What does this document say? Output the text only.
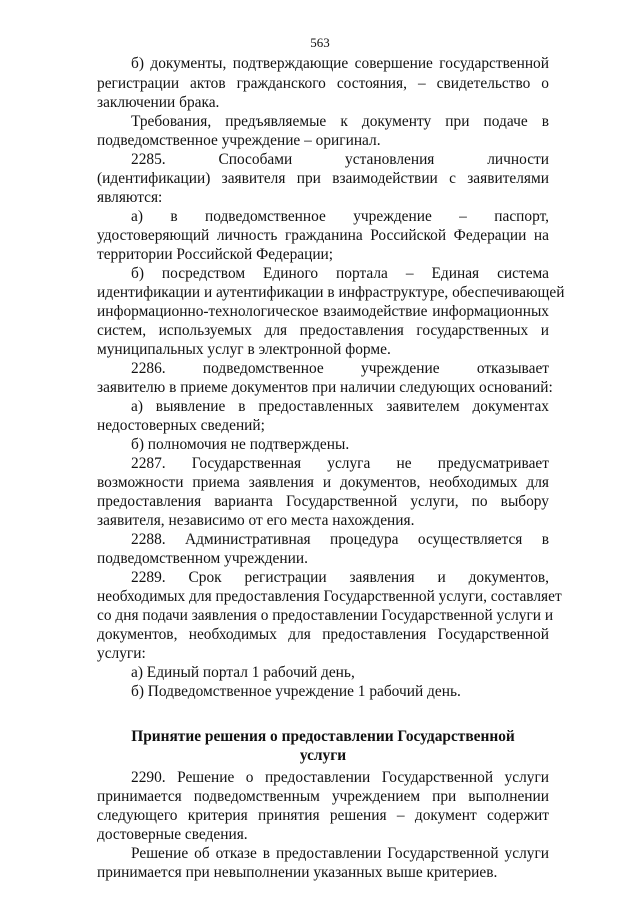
563
б) документы, подтверждающие совершение государственной
регистрации актов гражданского состояния, – свидетельство о
заключении брака.
Требования, предъявляемые к документу при подаче в
подведомственное учреждение – оригинал.
2285. Способами установления личности
(идентификации) заявителя при взаимодействии с заявителями
являются:
а) в подведомственное учреждение – паспорт,
удостоверяющий личность гражданина Российской Федерации на
территории Российской Федерации;
б) посредством Единого портала – Единая система
идентификации и аутентификации в инфраструктуре, обеспечивающей
информационно-технологическое взаимодействие информационных
систем, используемых для предоставления государственных и
муниципальных услуг в электронной форме.
2286. подведомственное учреждение отказывает
заявителю в приеме документов при наличии следующих оснований:
а) выявление в предоставленных заявителем документах
недостоверных сведений;
б) полномочия не подтверждены.
2287. Государственная услуга не предусматривает
возможности приема заявления и документов, необходимых для
предоставления варианта Государственной услуги, по выбору
заявителя, независимо от его места нахождения.
2288. Административная процедура осуществляется в
подведомственном учреждении.
2289. Срок регистрации заявления и документов,
необходимых для предоставления Государственной услуги, составляет
со дня подачи заявления о предоставлении Государственной услуги и
документов, необходимых для предоставления Государственной
услуги:
а) Единый портал 1 рабочий день,
б) Подведомственное учреждение 1 рабочий день.
2290. Решение о предоставлении Государственной услуги
принимается подведомственным учреждением при выполнении
следующего критерия принятия решения – документ содержит
достоверные сведения.
Решение об отказе в предоставлении Государственной услуги
принимается при невыполнении указанных выше критериев.
Принятие решения о предоставлении Государственной
услуги
